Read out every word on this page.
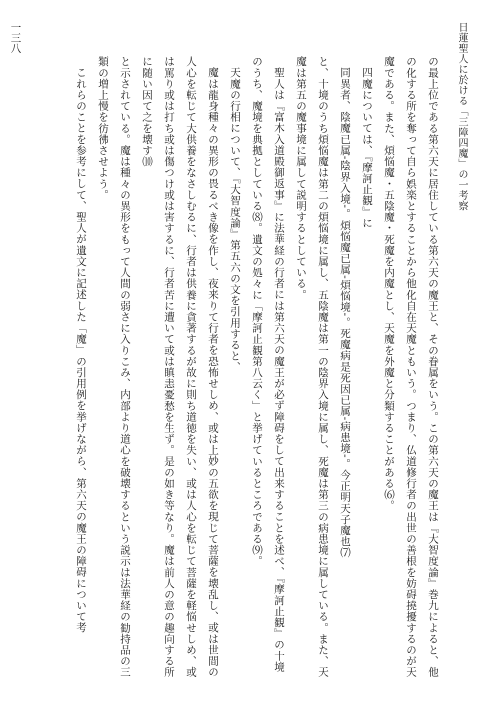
日蓮聖人に於ける「三障四魔」の一考察
一三八

の最上位である第六天に居住している第六天の魔王と、その眷属をいう。この第六天の魔王は『大智度論』巻九によると、他の化する所を奪って自ら娯楽とすることから他化自在天魔ともいう。つまり、仏道修行者の出世の善根を妨碍撓擾するのが天魔である。また、煩悩魔・五陰魔・死魔を内魔とし、天魔を外魔と分類することがある⑹。

四魔については、『摩訶止観』に

同異者、陰魔已属‐陰界入境‐。煩悩魔已属‐煩悩境‐。死魔病是死因已属‐病患境‐。今正明天子魔也⑺

と、十境のうち煩悩魔は第二の煩悩境に属し、五陰魔は第一の陰界入境に属し、死魔は第三の病患境に属している。また、天魔は第五の魔事境に属して説明するとしている。

聖人は『富木入道殿御返事』に法華経の行者には第六天の魔王が必ず障碍をして出来することを述べ、『摩訶止観』の十境のうち、魔境を典拠としている⑻。遺文の処々に「摩訶止観第八云く」と挙げているところである⑼。

天魔の行相について、『大智度論』第五六の文を引用すると、

魔は龍身種々の異形の畏るべき像を作し、夜来りて行者を恐怖せしめ、或は上妙の五欲を現じて菩薩を壊乱し、或は世間の人心を転じて大供養をなさしむるに、行者は供養に貪著するが故に則ち道徳を失い、或は人心を転じて菩薩を軽悩せしめ、或は罵り或は打ち或は傷つけ或は害するに、行者苦に遭いて或は瞋恚憂愁を生ず。是の如き等なり。魔は前人の意の趣向する所に随い因て之を壊す⑽

と示されている。魔は種々の異形をもって人間の弱さに入りこみ、内部より道心を破壊するという説示は法華経の勧持品の三類の増上慢を彷彿させよう。

これらのことを参考にして、聖人が遺文に記述した「魔」の引用例を挙げながら、第六天の魔王の障碍について考
